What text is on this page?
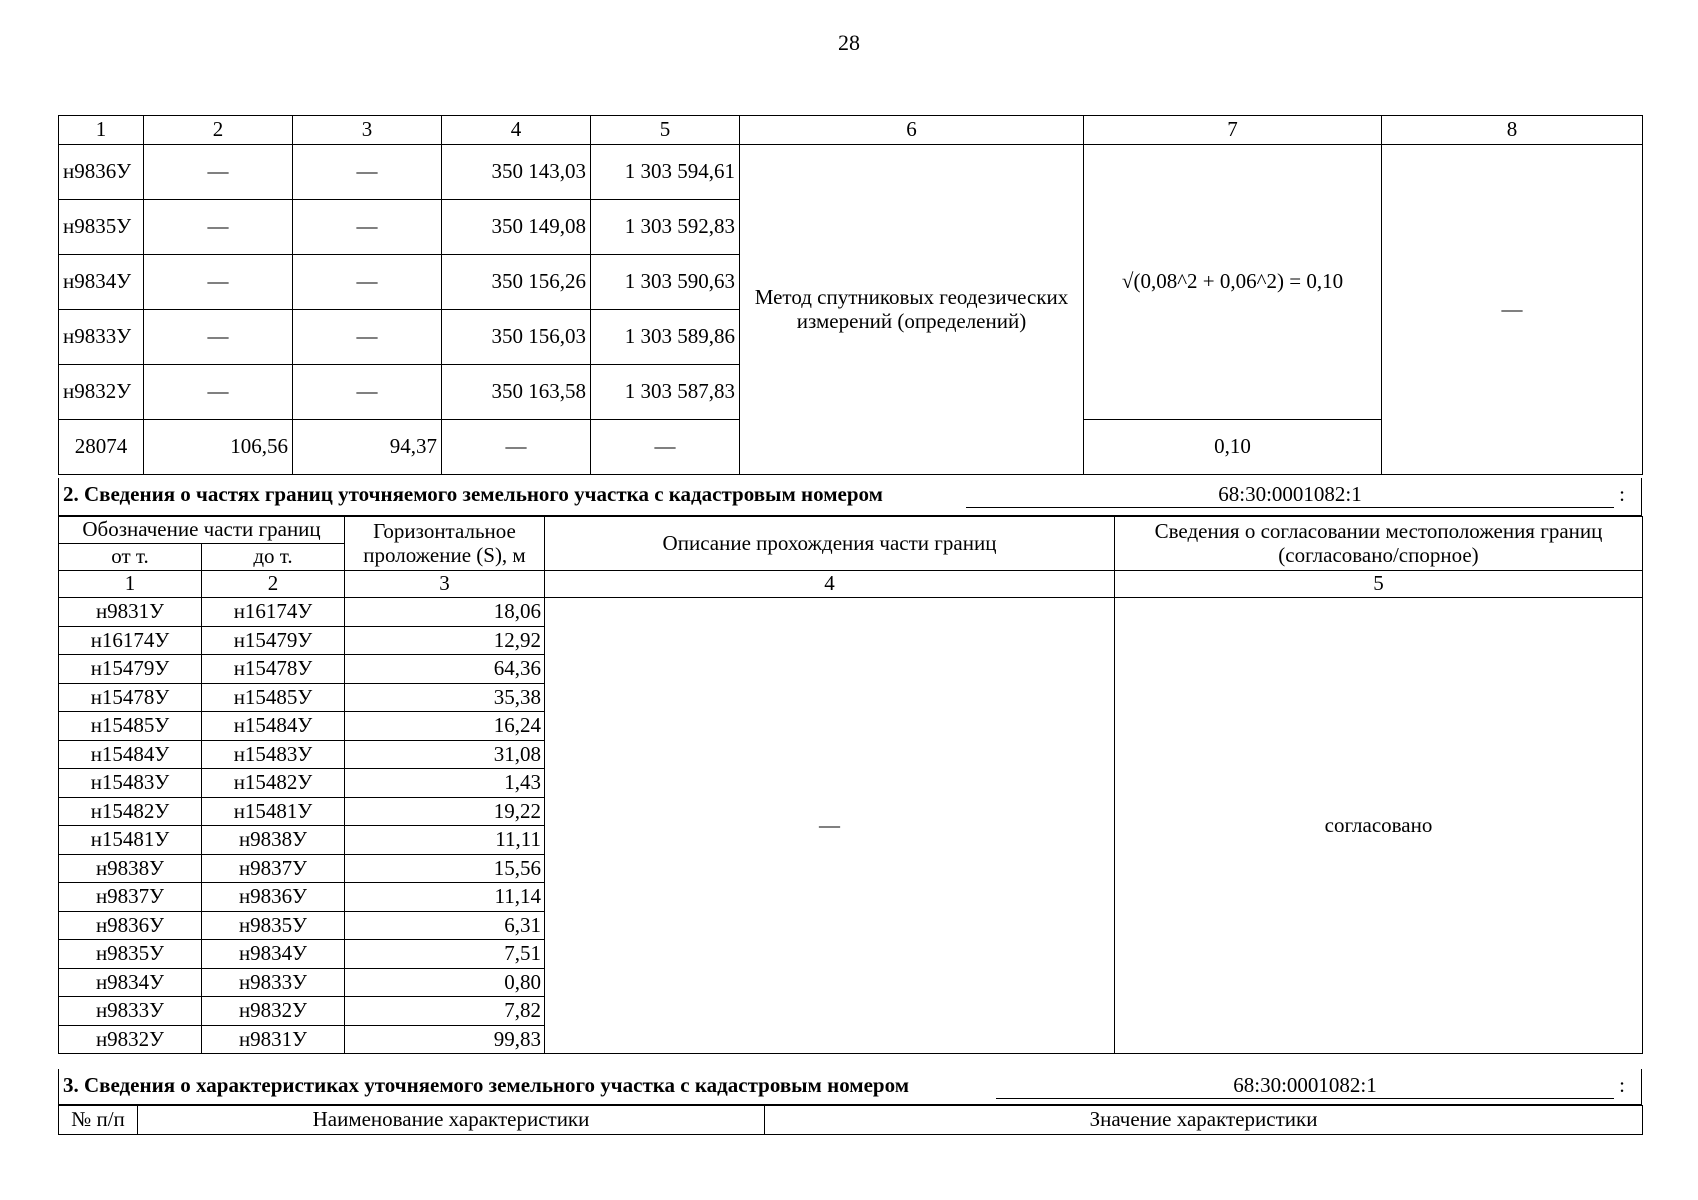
28
1	2	3	4	5	6	7	8
н9836У	—	—	350 143,03	1 303 594,61	Метод спутниковых геодезических измерений (определений)	√(0,08^2 + 0,06^2) = 0,10	—
н9835У	—	—	350 149,08	1 303 592,83			
н9834У	—	—	350 156,26	1 303 590,63			
н9833У	—	—	350 156,03	1 303 589,86			
н9832У	—	—	350 163,58	1 303 587,83			
28074	106,56	94,37	—	—		0,10	
2. Сведения о частях границ уточняемого земельного участка с кадастровым номером	68:30:0001082:1	:
Обозначение части границ		Горизонтальное проложение (S), м	Описание прохождения части границ	Сведения о согласовании местоположения границ (согласовано/спорное)
от т.	до т.			
1	2	3	4	5
н9831У	н16174У	18,06	—	согласовано
н16174У	н15479У	12,92		
н15479У	н15478У	64,36		
н15478У	н15485У	35,38		
н15485У	н15484У	16,24		
н15484У	н15483У	31,08		
н15483У	н15482У	1,43		
н15482У	н15481У	19,22		
н15481У	н9838У	11,11		
н9838У	н9837У	15,56		
н9837У	н9836У	11,14		
н9836У	н9835У	6,31		
н9835У	н9834У	7,51		
н9834У	н9833У	0,80		
н9833У	н9832У	7,82		
н9832У	н9831У	99,83		
3. Сведения о характеристиках уточняемого земельного участка с кадастровым номером	68:30:0001082:1	:
№ п/п	Наименование характеристики	Значение характеристики
